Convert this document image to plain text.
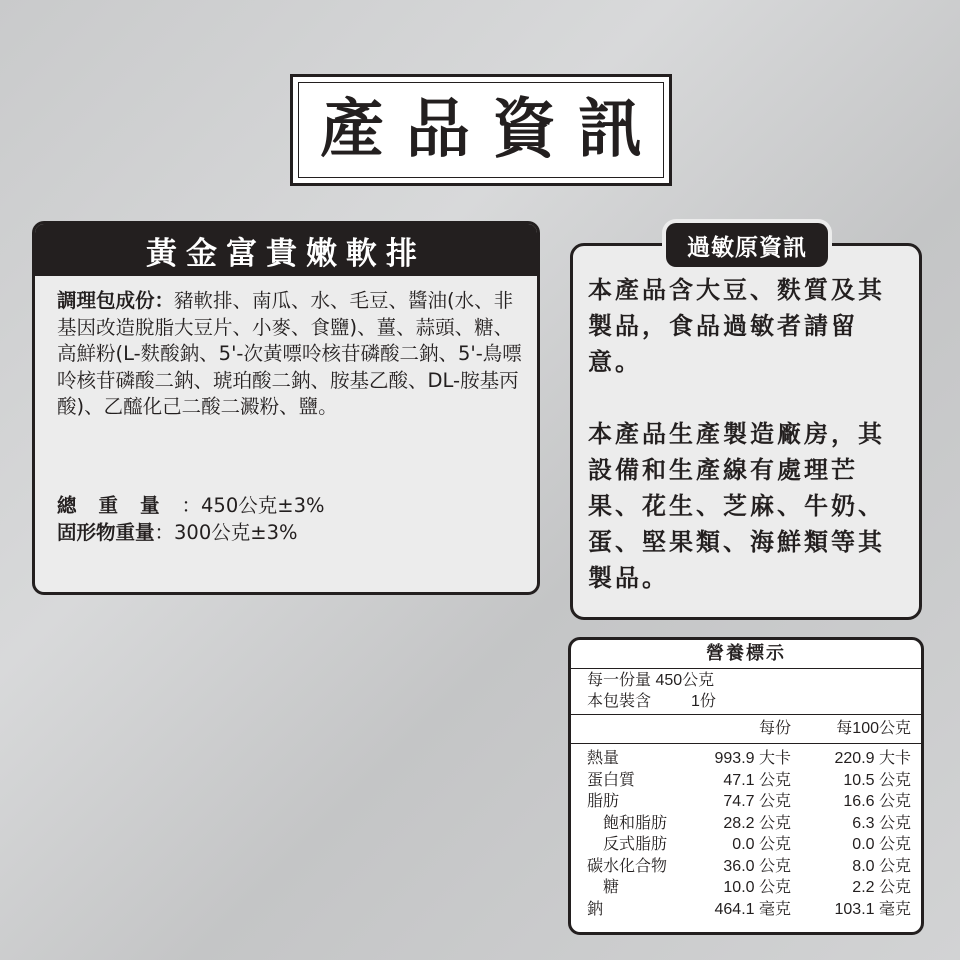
產品資訊
黃金富貴嫩軟排
調理包成份：豬軟排、南瓜、水、毛豆、醬油(水、非基因改造脫脂大豆片、小麥、食鹽)、薑、蒜頭、糖、高鮮粉(L-麩酸鈉、5'-次黃嘌呤核苷磷酸二鈉、5'-鳥嘌呤核苷磷酸二鈉、琥珀酸二鈉、胺基乙酸、DL-胺基丙酸)、乙醯化己二酸二澱粉、鹽。
總重量：450公克±3%
固形物重量：300公克±3%
過敏原資訊
本產品含大豆、麩質及其製品，食品過敏者請留意。
本產品生產製造廠房，其設備和生產線有處理芒果、花生、芝麻、牛奶、蛋、堅果類、海鮮類等其製品。
營養標示
每一份量 450公克
本包裝含 1份
每份	每100公克
熱量	993.9 大卡	220.9 大卡
蛋白質	47.1 公克	10.5 公克
脂肪	74.7 公克	16.6 公克
飽和脂肪	28.2 公克	6.3 公克
反式脂肪	0.0 公克	0.0 公克
碳水化合物	36.0 公克	8.0 公克
糖	10.0 公克	2.2 公克
鈉	464.1 毫克	103.1 毫克
